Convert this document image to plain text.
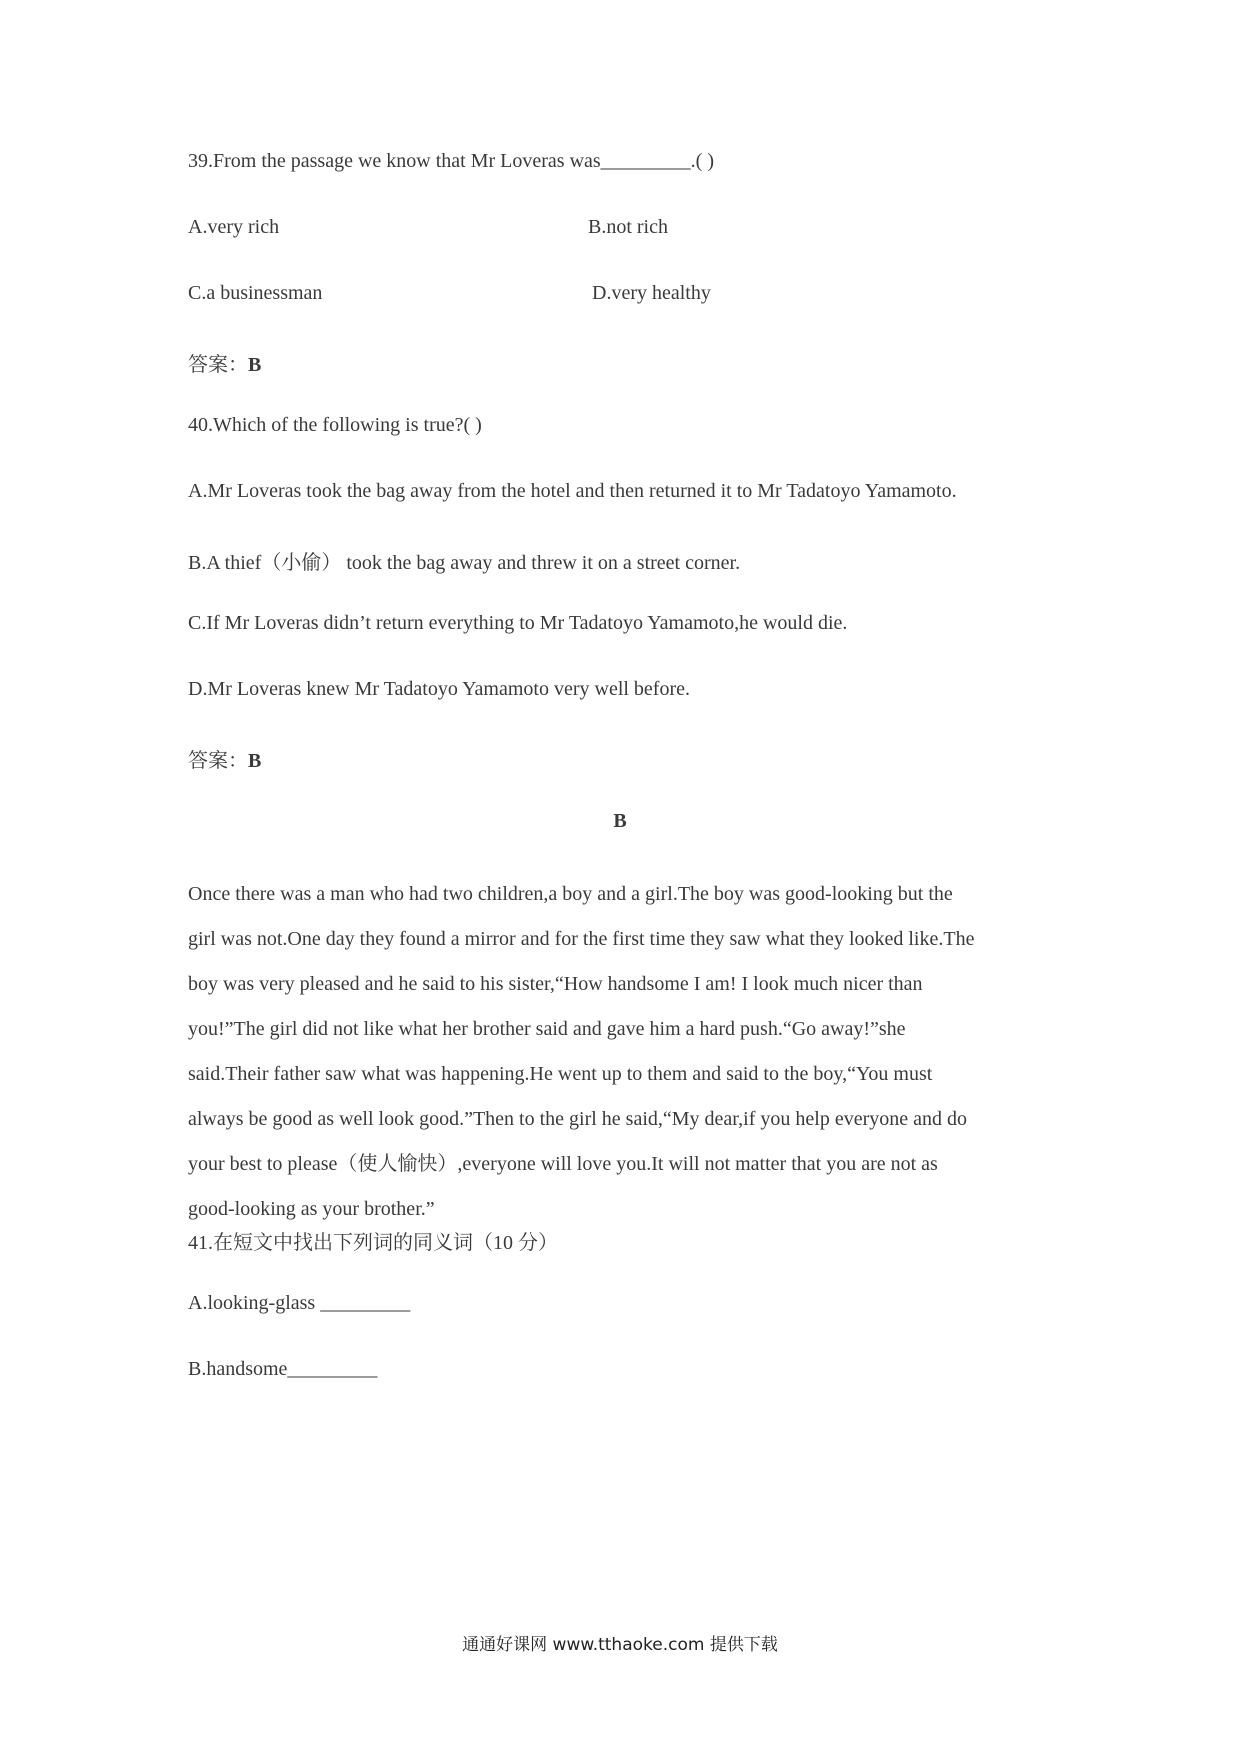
39.From the passage we know that Mr Loveras was_________.( )
A.very rich	B.not rich
C.a businessman	D.very healthy
答案：B
40.Which of the following is true?( )
A.Mr Loveras took the bag away from the hotel and then returned it to Mr Tadatoyo Yamamoto.
B.A thief（小偷） took the bag away and threw it on a street corner.
C.If Mr Loveras didn’t return everything to Mr Tadatoyo Yamamoto,he would die.
D.Mr Loveras knew Mr Tadatoyo Yamamoto very well before.
答案：B
B

Once there was a man who had two children,a boy and a girl.The boy was good-looking but the

girl was not.One day they found a mirror and for the first time they saw what they looked like.The

boy was very pleased and he said to his sister,“How handsome I am! I look much nicer than

you!”The girl did not like what her brother said and gave him a hard push.“Go away!”she

said.Their father saw what was happening.He went up to them and said to the boy,“You must

always be good as well look good.”Then to the girl he said,“My dear,if you help everyone and do

your best to please（使人愉快）,everyone will love you.It will not matter that you are not as

good-looking as your brother.”

41.在短文中找出下列词的同义词（10 分）
A.looking-glass _________
B.handsome_________
通通好课网 www.tthaoke.com 提供下载
